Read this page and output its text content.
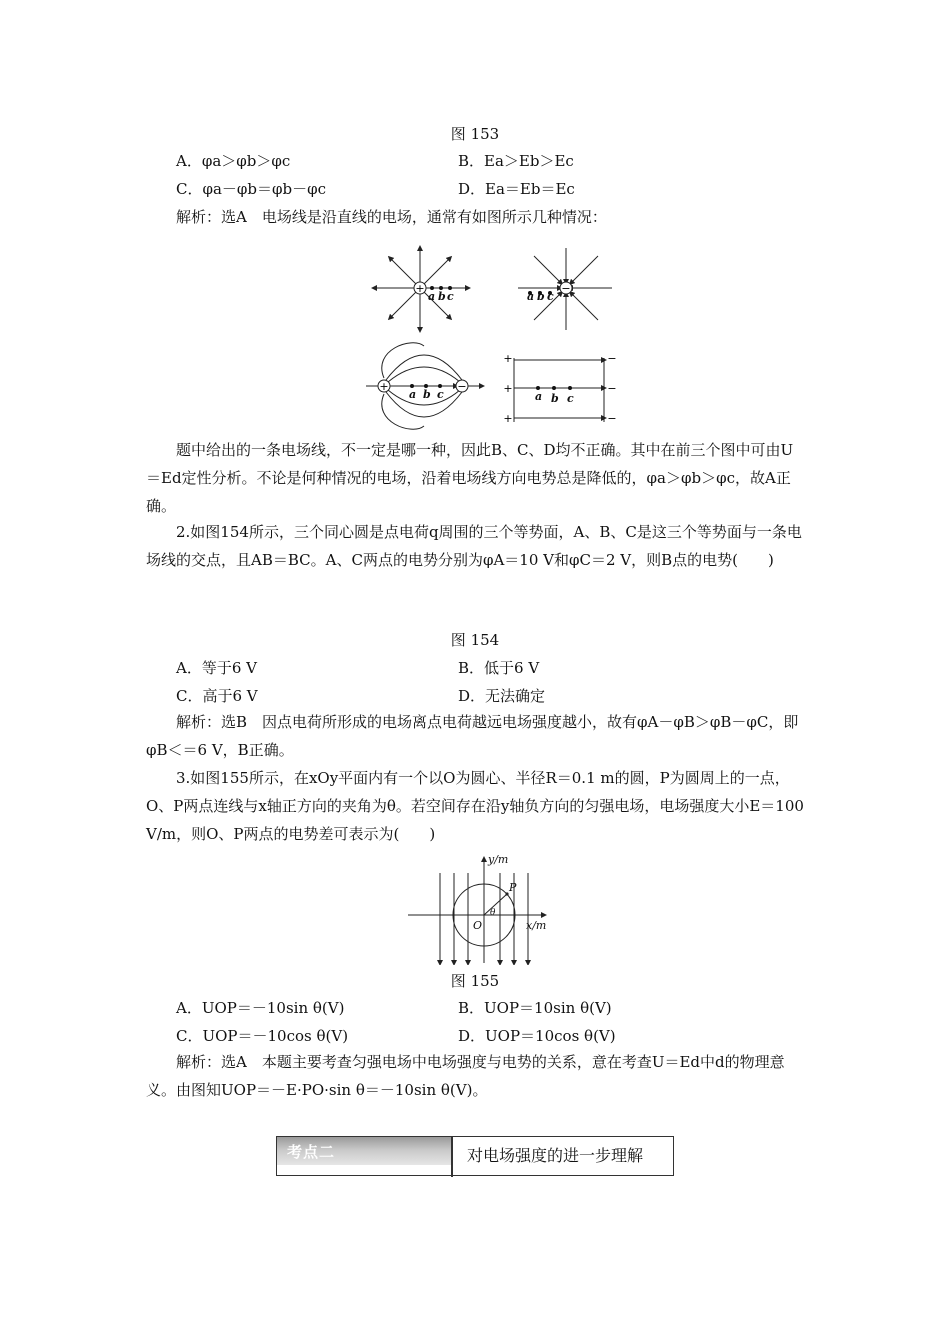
图 153
A．φa＞φb＞φc	B．Ea＞Eb＞Ec
C．φa－φb＝φb－φc	D．Ea＝Eb＝Ec
解析：选A　电场线是沿直线的电场，通常有如图所示几种情况：
+	−
+	−
+
+
+
−
−
−
a b c	a b c
a b c	a b c
题中给出的一条电场线，不一定是哪一种，因此B、C、D均不正确。其中在前三个图中可由U＝Ed定性分析。不论是何种情况的电场，沿着电场线方向电势总是降低的，φa＞φb＞φc，故A正确。
2.如图154所示，三个同心圆是点电荷q周围的三个等势面，A、B、C是这三个等势面与一条电场线的交点，且AB＝BC。A、C两点的电势分别为φA＝10 V和φC＝2 V，则B点的电势(　　)
图 154
A．等于6 V	B．低于6 V
C．高于6 V	D．无法确定
解析：选B　因点电荷所形成的电场离点电荷越远电场强度越小，故有φA－φB＞φB－φC，即φB＜＝6 V，B正确。
3.如图155所示，在xOy平面内有一个以O为圆心、半径R＝0.1 m的圆，P为圆周上的一点，O、P两点连线与x轴正方向的夹角为θ。若空间存在沿y轴负方向的匀强电场，电场强度大小E＝100 V/m，则O、P两点的电势差可表示为(　　)
y/m
x/m
O
P
θ
图 155
A．UOP＝－10sin θ(V)	B．UOP＝10sin θ(V)
C．UOP＝－10cos θ(V)	D．UOP＝10cos θ(V)
解析：选A　本题主要考查匀强电场中电场强度与电势的关系，意在考查U＝Ed中d的物理意义。由图知UOP＝－E·PO·sin θ＝－10sin θ(V)。
考点二	对电场强度的进一步理解
